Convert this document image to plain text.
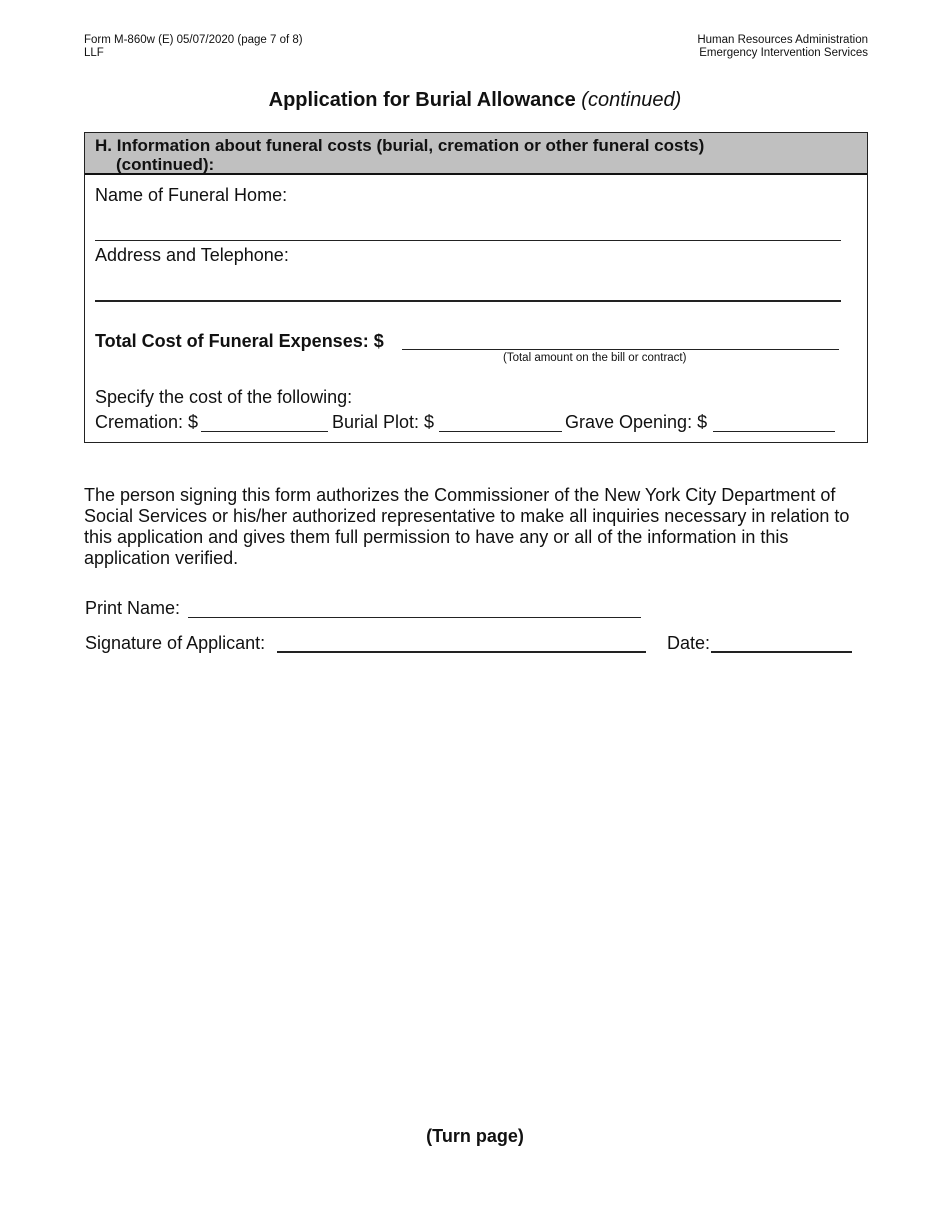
Form M-860w (E) 05/07/2020 (page 7 of 8)
LLF
Human Resources Administration
Emergency Intervention Services
Application for Burial Allowance (continued)
H. Information about funeral costs (burial, cremation or other funeral costs)
(continued):
Name of Funeral Home:
Address and Telephone:
Total Cost of Funeral Expenses: $
(Total amount on the bill or contract)
Specify the cost of the following:
Cremation: $	Burial Plot: $	Grave Opening: $
The person signing this form authorizes the Commissioner of the New York City Department of Social Services or his/her authorized representative to make all inquiries necessary in relation to this application and gives them full permission to have any or all of the information in this application verified.
Print Name:
Signature of Applicant:	Date:
(Turn page)
